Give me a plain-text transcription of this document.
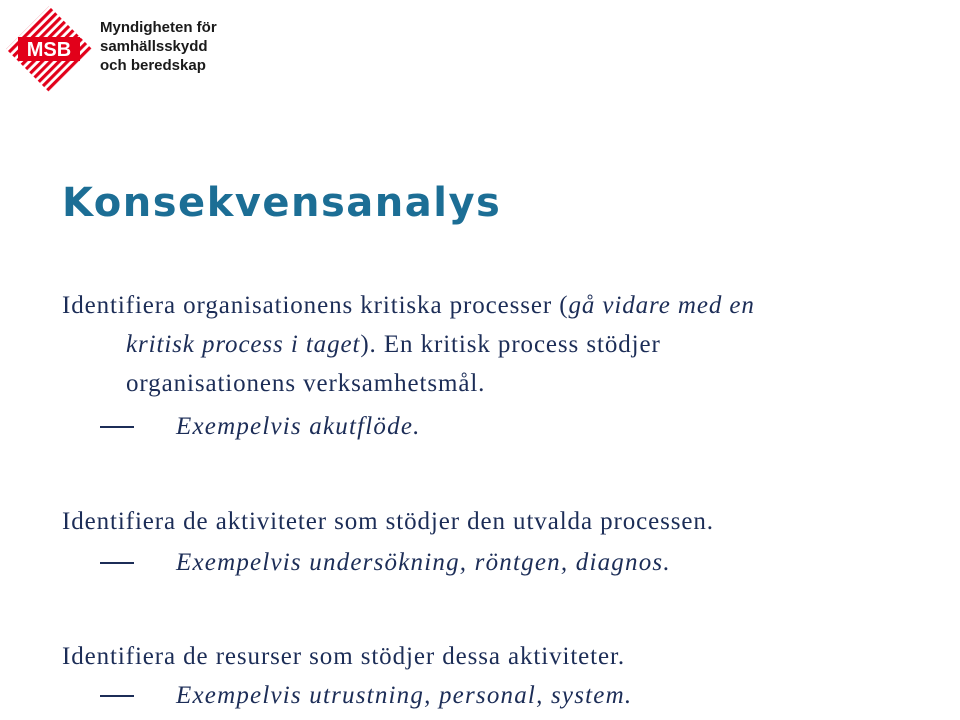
MSB
Myndigheten för
samhällsskydd
och beredskap
Konsekvensanalys
Identifiera organisationens kritiska processer (gå vidare med en
kritisk process i taget). En kritisk process stödjer
organisationens verksamhetsmål.
Exempelvis akutflöde.
Identifiera de aktiviteter som stödjer den utvalda processen.
Exempelvis undersökning, röntgen, diagnos.
Identifiera de resurser som stödjer dessa aktiviteter.
Exempelvis utrustning, personal, system.
